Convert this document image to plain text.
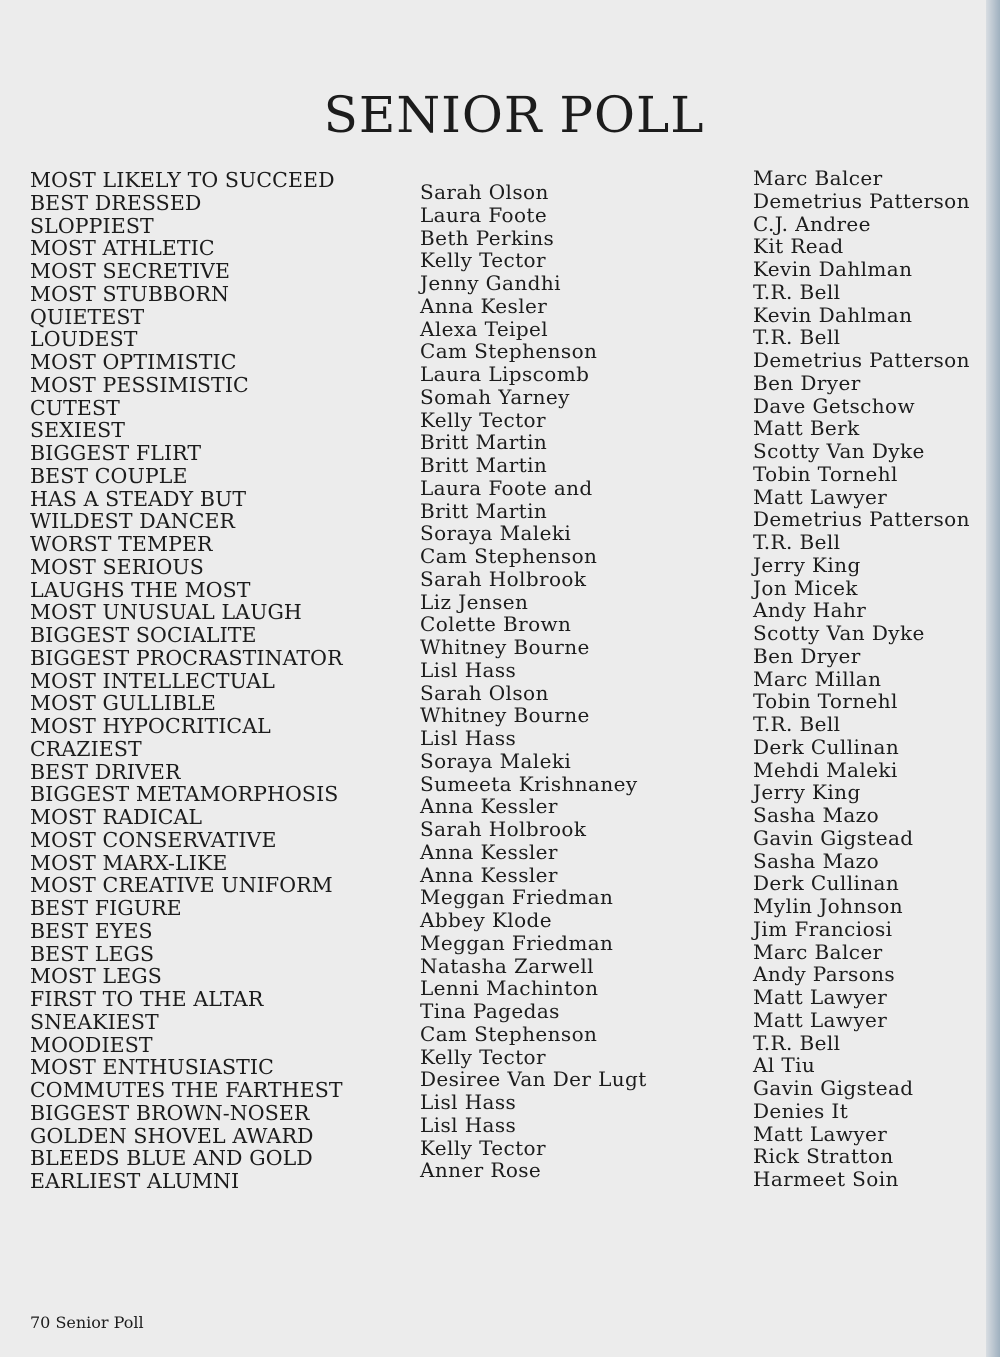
SENIOR POLL
MOST LIKELY TO SUCCEED
BEST DRESSED
SLOPPIEST
MOST ATHLETIC
MOST SECRETIVE
MOST STUBBORN
QUIETEST
LOUDEST
MOST OPTIMISTIC
MOST PESSIMISTIC
CUTEST
SEXIEST
BIGGEST FLIRT
BEST COUPLE
HAS A STEADY BUT
WILDEST DANCER
WORST TEMPER
MOST SERIOUS
LAUGHS THE MOST
MOST UNUSUAL LAUGH
BIGGEST SOCIALITE
BIGGEST PROCRASTINATOR
MOST INTELLECTUAL
MOST GULLIBLE
MOST HYPOCRITICAL
CRAZIEST
BEST DRIVER
BIGGEST METAMORPHOSIS
MOST RADICAL
MOST CONSERVATIVE
MOST MARX-LIKE
MOST CREATIVE UNIFORM
BEST FIGURE
BEST EYES
BEST LEGS
MOST LEGS
FIRST TO THE ALTAR
SNEAKIEST
MOODIEST
MOST ENTHUSIASTIC
COMMUTES THE FARTHEST
BIGGEST BROWN-NOSER
GOLDEN SHOVEL AWARD
BLEEDS BLUE AND GOLD
EARLIEST ALUMNI
Sarah Olson
Laura Foote
Beth Perkins
Kelly Tector
Jenny Gandhi
Anna Kesler
Alexa Teipel
Cam Stephenson
Laura Lipscomb
Somah Yarney
Kelly Tector
Britt Martin
Britt Martin
Laura Foote and
Britt Martin
Soraya Maleki
Cam Stephenson
Sarah Holbrook
Liz Jensen
Colette Brown
Whitney Bourne
Lisl Hass
Sarah Olson
Whitney Bourne
Lisl Hass
Soraya Maleki
Sumeeta Krishnaney
Anna Kessler
Sarah Holbrook
Anna Kessler
Anna Kessler
Meggan Friedman
Abbey Klode
Meggan Friedman
Natasha Zarwell
Lenni Machinton
Tina Pagedas
Cam Stephenson
Kelly Tector
Desiree Van Der Lugt
Lisl Hass
Lisl Hass
Kelly Tector
Anner Rose
Marc Balcer
Demetrius Patterson
C.J. Andree
Kit Read
Kevin Dahlman
T.R. Bell
Kevin Dahlman
T.R. Bell
Demetrius Patterson
Ben Dryer
Dave Getschow
Matt Berk
Scotty Van Dyke
Tobin Tornehl
Matt Lawyer
Demetrius Patterson
T.R. Bell
Jerry King
Jon Micek
Andy Hahr
Scotty Van Dyke
Ben Dryer
Marc Millan
Tobin Tornehl
T.R. Bell
Derk Cullinan
Mehdi Maleki
Jerry King
Sasha Mazo
Gavin Gigstead
Sasha Mazo
Derk Cullinan
Mylin Johnson
Jim Franciosi
Marc Balcer
Andy Parsons
Matt Lawyer
Matt Lawyer
T.R. Bell
Al Tiu
Gavin Gigstead
Denies It
Matt Lawyer
Rick Stratton
Harmeet Soin
70 Senior Poll
